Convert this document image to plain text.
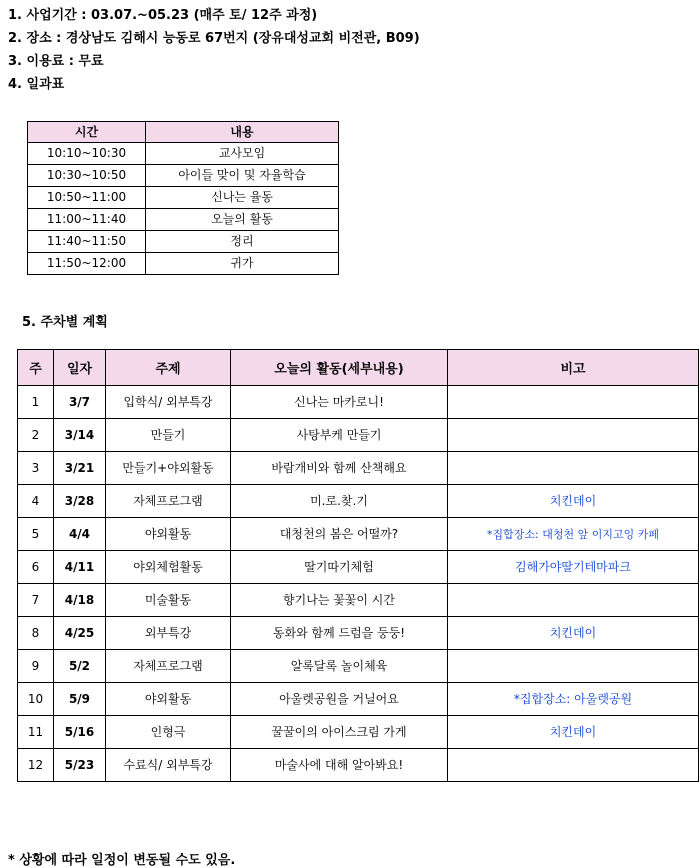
1. 사업기간 : 03.07.~05.23 (매주 토/ 12주 과정)
2. 장소 : 경상남도 김해시 능동로 67번지 (장유대성교회 비전관, B09)
3. 이용료 : 무료
4. 일과표
시간	내용
10:10~10:30	교사모임
10:30~10:50	아이들 맞이 및 자율학습
10:50~11:00	신나는 율동
11:00~11:40	오늘의 활동
11:40~11:50	정리
11:50~12:00	귀가
5. 주차별 계획
주	일자	주제	오늘의 활동(세부내용)	비고
1	3/7	입학식/ 외부특강	신나는 마카로니!	
2	3/14	만들기	사탕부케 만들기	
3	3/21	만들기+야외활동	바람개비와 함께 산책해요	
4	3/28	자체프로그램	미.로.찾.기	치킨데이
5	4/4	야외활동	대청천의 봄은 어떨까?	*집합장소: 대청천 앞 이지고잉 카페
6	4/11	야외체험활동	딸기따기체험	김해가야딸기테마파크
7	4/18	미술활동	향기나는 꽃꽃이 시간	
8	4/25	외부특강	동화와 함께 드럼을 둥둥!	치킨데이
9	5/2	자체프로그램	알록달록 놀이체육	
10	5/9	야외활동	아울렛공원을 거닐어요	*집합장소: 아울렛공원
11	5/16	인형극	꿀꿀이의 아이스크림 가게	치킨데이
12	5/23	수료식/ 외부특강	마술사에 대해 알아봐요!	
* 상황에 따라 일정이 변동될 수도 있음.
